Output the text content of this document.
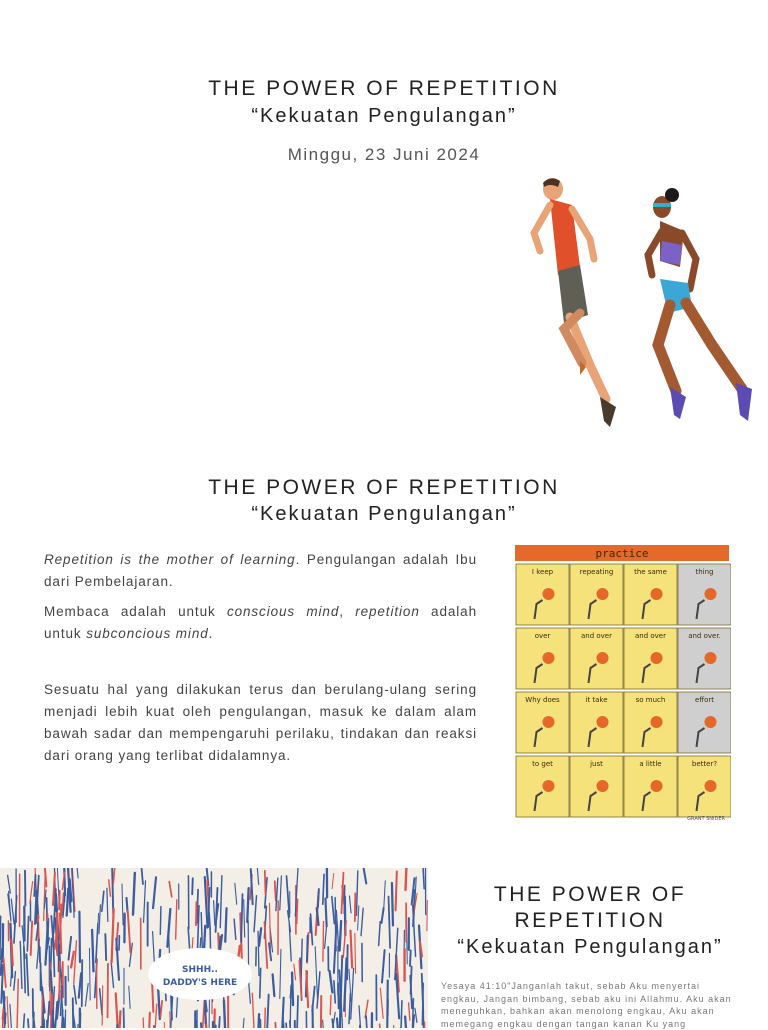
THE POWER OF REPETITION
“Kekuatan Pengulangan”
Minggu, 23 Juni 2024
THE POWER OF REPETITION
“Kekuatan Pengulangan”

Repetition is the mother of learning. Pengulangan adalah Ibu dari Pembelajaran.

Membaca adalah untuk conscious mind, repetition adalah untuk subconcious mind.

Sesuatu hal yang dilakukan terus dan berulang-ulang sering menjadi lebih kuat oleh pengulangan, masuk ke dalam alam bawah sadar dan mempengaruhi perilaku, tindakan dan reaksi dari orang yang terlibat didalamnya.

practice
I keep	repeating	the same	thing
over	and over	and over	and over.
Why does	it take	so much	effort
to get	just	a little	better?
GRANT SNIDER
SHHH..
DADDY'S HERE
THE POWER OF
REPETITION
“Kekuatan Pengulangan”
Yesaya 41:10"Janganlah takut, sebab Aku menyertai engkau, Jangan bimbang, sebab aku ini Allahmu. Aku akan meneguhkan, bahkan akan menolong engkau, Aku akan memegang engkau dengan tangan kanan Ku yang
